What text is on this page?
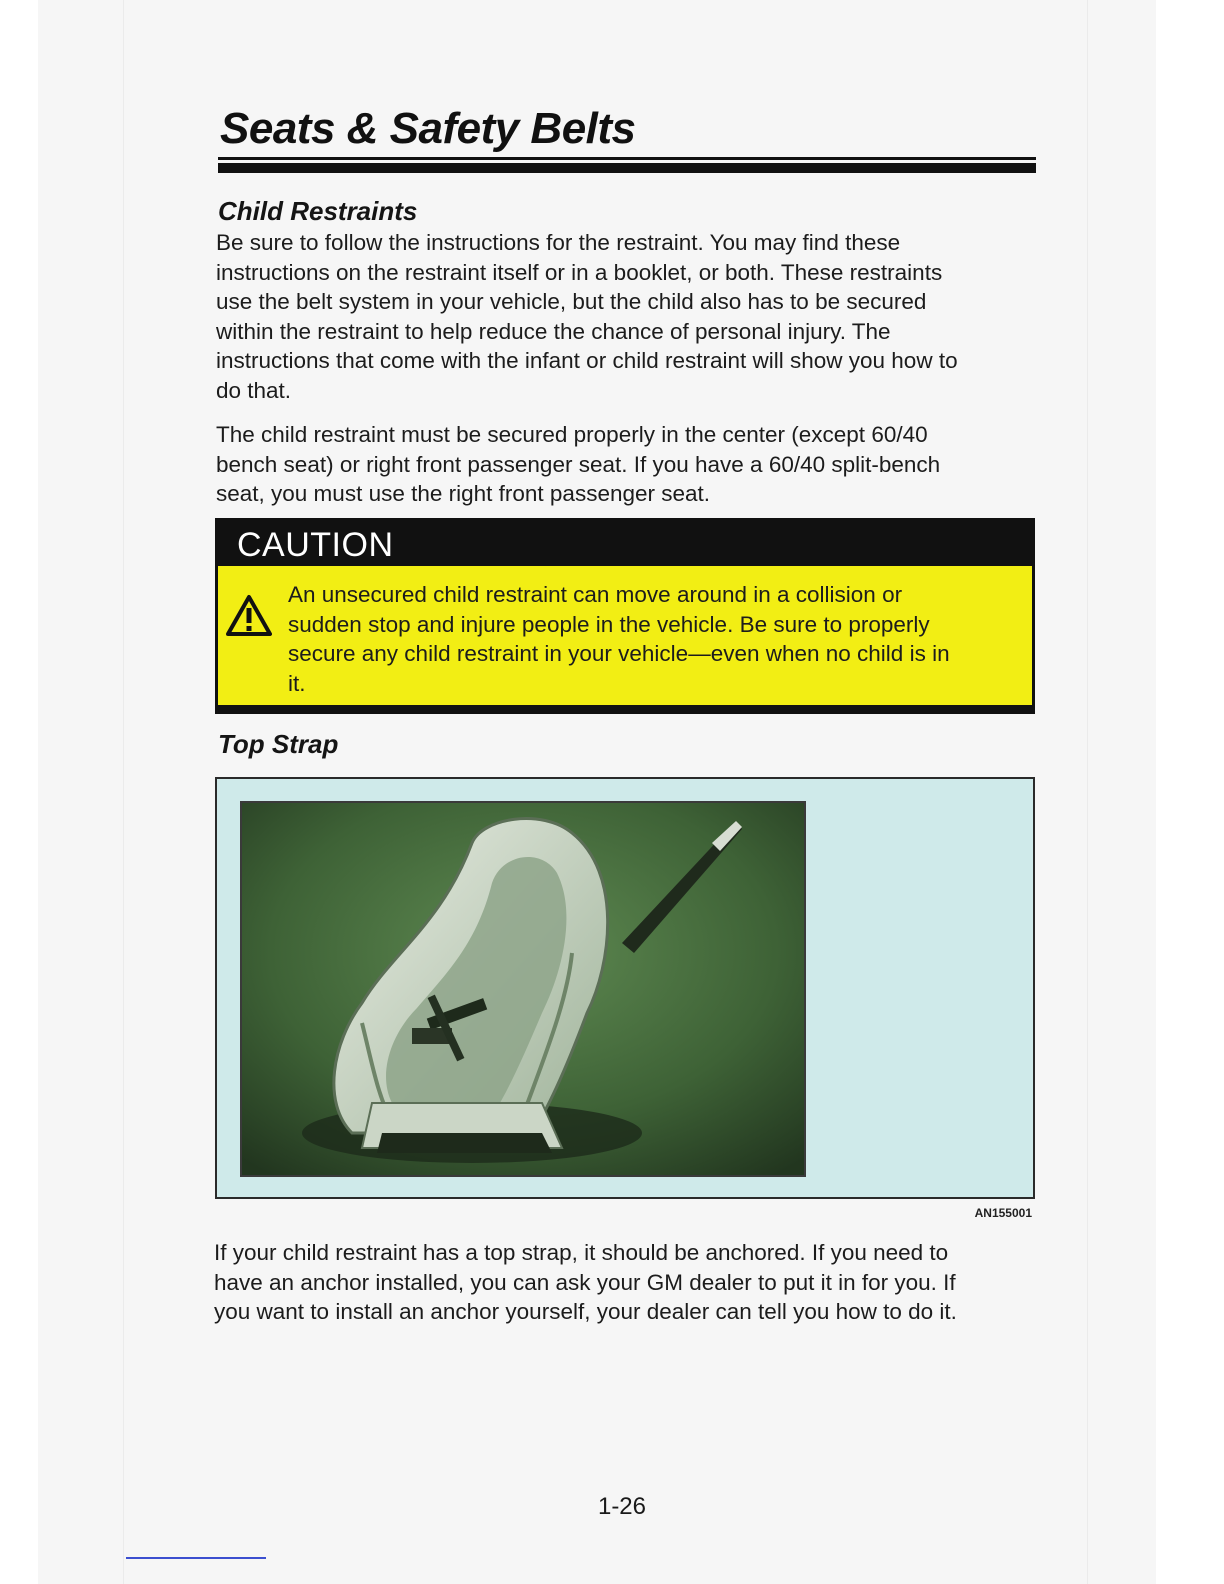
Seats & Safety Belts
Child Restraints

Be sure to follow the instructions for the restraint. You may find these
instructions on the restraint itself or in a booklet, or both. These restraints
use the belt system in your vehicle, but the child also has to be secured
within the restraint to help reduce the chance of personal injury. The
instructions that come with the infant or child restraint will show you how to
do that.

The child restraint must be secured properly in the center (except 60/40
bench seat) or right front passenger seat. If you have a 60/40 split-bench
seat, you must use the right front passenger seat.

CAUTION

An unsecured child restraint can move around in a collision or
sudden stop and injure people in the vehicle. Be sure to properly
secure any child restraint in your vehicle—even when no child is in
it.

Top Strap
AN155001

If your child restraint has a top strap, it should be anchored. If you need to
have an anchor installed, you can ask your GM dealer to put it in for you. If
you want to install an anchor yourself, your dealer can tell you how to do it.

1-26
